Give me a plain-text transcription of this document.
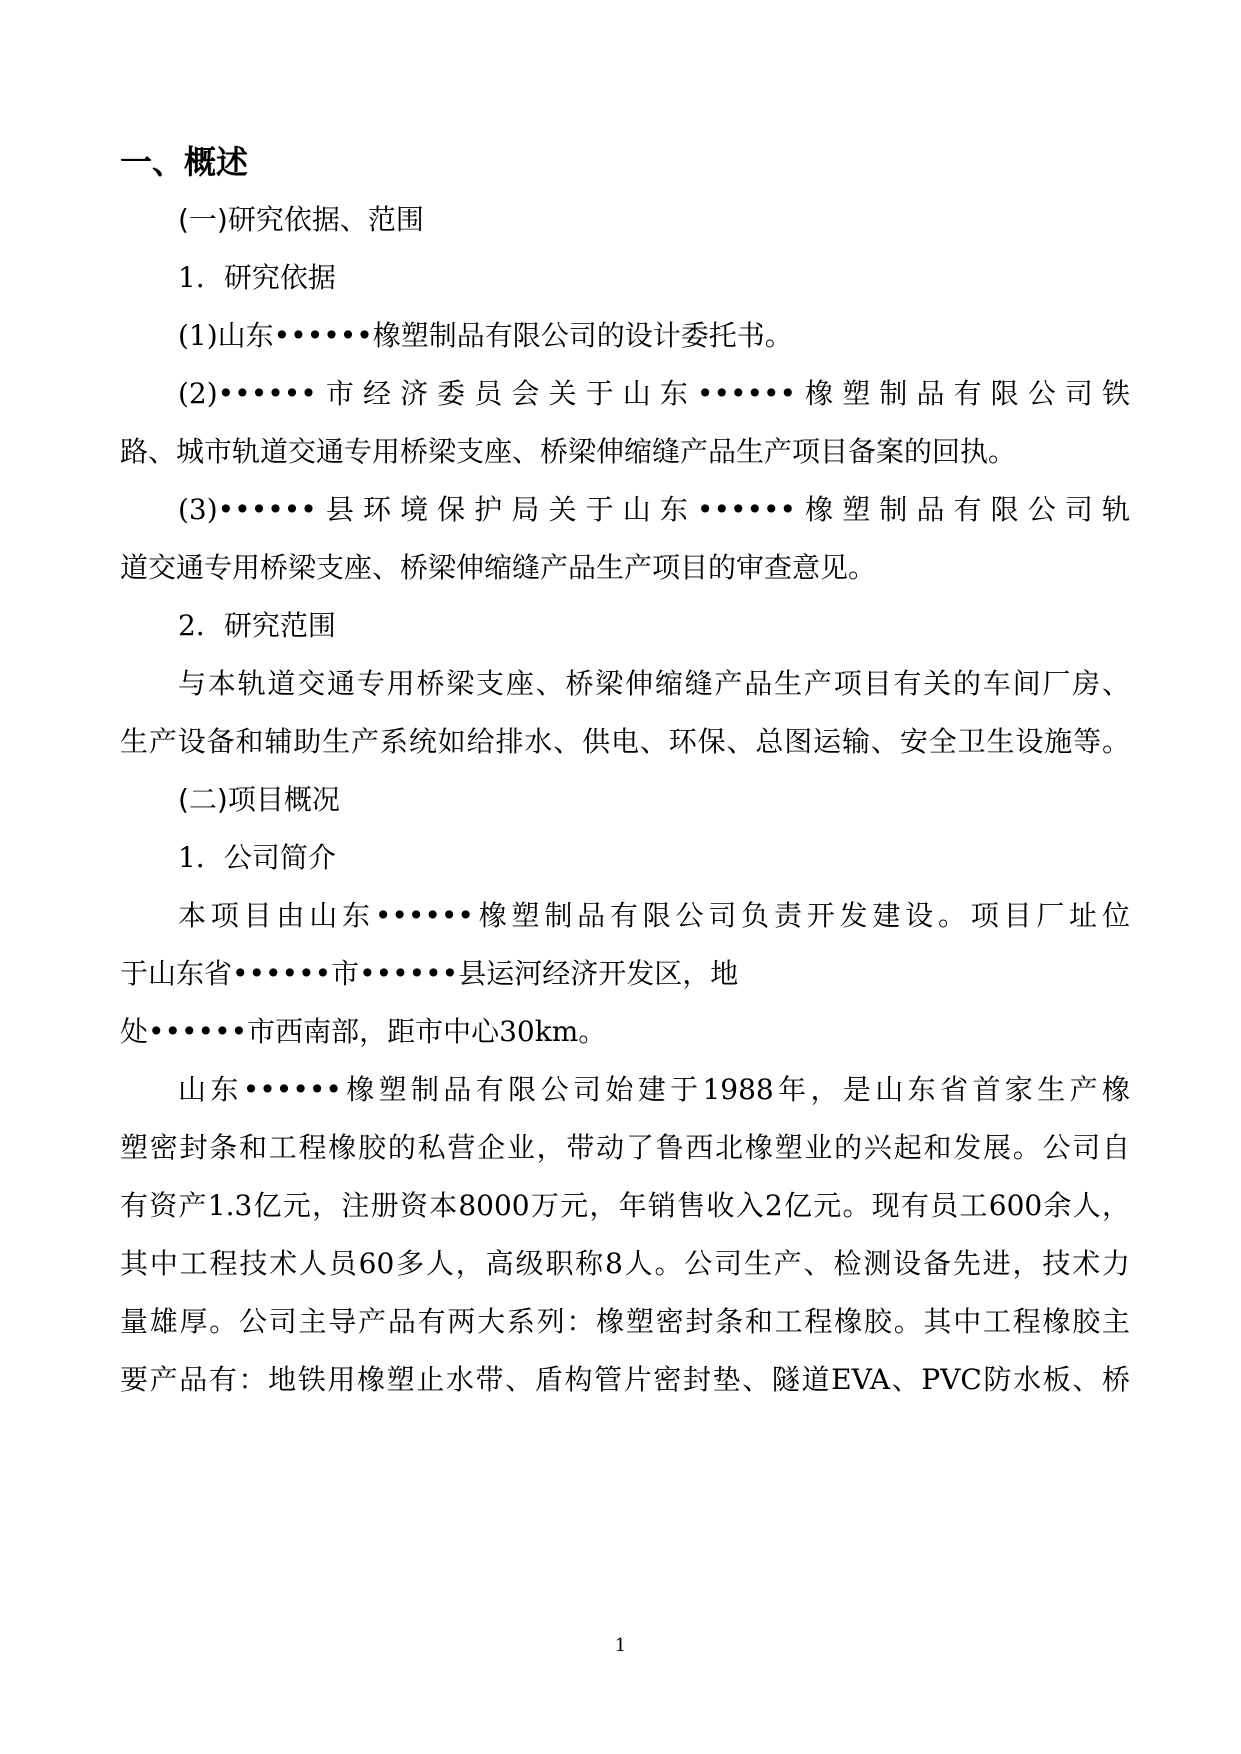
一、概述
(一)研究依据、范围
1．研究依据
(1)山东••••••橡塑制品有限公司的设计委托书。
(2)••••••市经济委员会关于山东••••••橡塑制品有限公司铁
路、城市轨道交通专用桥梁支座、桥梁伸缩缝产品生产项目备案的回执。
(3)••••••县环境保护局关于山东••••••橡塑制品有限公司轨
道交通专用桥梁支座、桥梁伸缩缝产品生产项目的审查意见。
2．研究范围
与本轨道交通专用桥梁支座、桥梁伸缩缝产品生产项目有关的车间厂房、
生产设备和辅助生产系统如给排水、供电、环保、总图运输、安全卫生设施等。
(二)项目概况
1．公司简介
本项目由山东••••••橡塑制品有限公司负责开发建设。项目厂址位
于山东省••••••市••••••县运河经济开发区，地
处••••••市西南部，距市中心30km。
山东••••••橡塑制品有限公司始建于1988年，是山东省首家生产橡
塑密封条和工程橡胶的私营企业，带动了鲁西北橡塑业的兴起和发展。公司自
有资产1.3亿元，注册资本8000万元，年销售收入2亿元。现有员工600余人，
其中工程技术人员60多人，高级职称8人。公司生产、检测设备先进，技术力
量雄厚。公司主导产品有两大系列：橡塑密封条和工程橡胶。其中工程橡胶主
要产品有：地铁用橡塑止水带、盾构管片密封垫、隧道EVA、PVC防水板、桥
1
